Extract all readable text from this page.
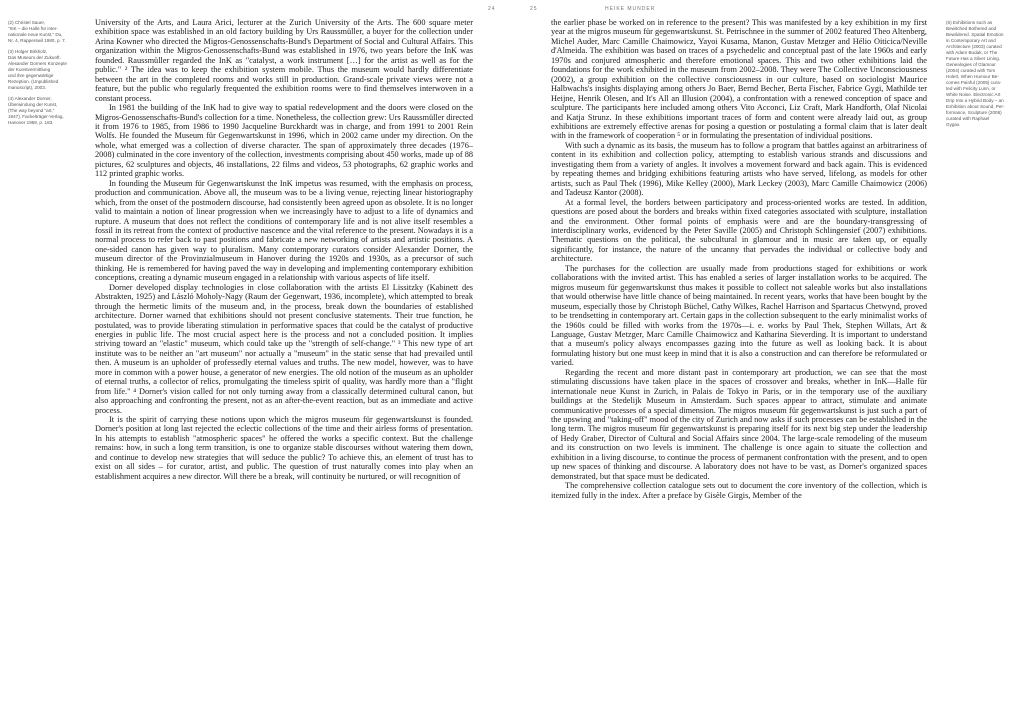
24
(2) Christel Sauer,
"InK – die Halle für inter-
nationale neue Kunst," Du,
Nr. 4, Rapperswil 1980, p. 7.
(3) Holger Birkholz,
Das Museum der Zukunft.
Alexander Dorners Konzepte
der Kunstvermittlung
und ihre gegenwärtige
Rezeption. (Unpublished
manuscript), 2003.
(4) Alexander Dorner,
Überwindung der Kunst,
(The way beyond "art,"
1947), Fackelträger-Verlag,
Hanover 1959, p. 183.

University of the Arts, and Laura Arici, lecturer at the Zurich University of the Arts. The 600 square meter exhibition space was established in an old factory building by Urs Raussmüller, a buyer for the collection under Arina Kowner who directed the Migros-Genossenschafts-Bund's Department of Social and Cultural Affairs. This organization within the Migros-Genossenschafts-Bund was established in 1976, two years before the InK was founded. Raussmüller regarded the InK as "catalyst, a work instrument […] for the artist as well as for the public." ² The idea was to keep the exhibition system mobile. Thus the museum would hardly differentiate between the art in the completed rooms and works still in production. Grand-scale private views were not a feature, but the public who regularly frequented the exhibition rooms were to find themselves interwoven in a constant process.

In 1981 the building of the InK had to give way to spatial redevelopment and the doors were closed on the Migros-Genossenschafts-Bund's collection for a time. Nonetheless, the collection grew: Urs Raussmüller directed it from 1976 to 1985, from 1986 to 1990 Jacqueline Burckhardt was in charge, and from 1991 to 2001 Rein Wolfs. He founded the Museum für Gegenwartskunst in 1996, which in 2002 came under my direction. On the whole, what emerged was a collection of diverse character. The span of approximately three decades (1976–2008) culminated in the core inventory of the collection, investments comprising about 450 works, made up of 88 pictures, 62 sculptures and objects, 46 installations, 22 films and videos, 53 photographs, 62 graphic works and 112 printed graphic works.

In founding the Museum für Gegenwartskunst the InK impetus was resumed, with the emphasis on process, production and communication. Above all, the museum was to be a living venue, rejecting linear historiography which, from the onset of the postmodern discourse, had consistently been agreed upon as obsolete. It is no longer valid to maintain a notion of linear progression when we increasingly have to adjust to a life of dynamics and rupture. A museum that does not reflect the conditions of contemporary life and is not alive itself resembles a fossil in its retreat from the context of productive nascence and the vital reference to the present. Nowadays it is a normal process to refer back to past positions and fabricate a new networking of artists and artistic positions. A one-sided canon has given way to pluralism. Many contemporary curators consider Alexander Dorner, the museum director of the Provinzialmuseum in Hanover during the 1920s and 1930s, as a precursor of such thinking. He is remembered for having paved the way in developing and implementing contemporary exhibition conceptions, creating a dynamic museum engaged in a relationship with various aspects of life itself.

Dorner developed display technologies in close collaboration with the artists El Lissitzky (Kabinett des Abstrakten, 1925) and László Moholy-Nagy (Raum der Gegenwart, 1936, incomplete), which attempted to break through the hermetic limits of the museum and, in the process, break down the boundaries of established architecture. Dorner warned that exhibitions should not present conclusive statements. Their true function, he postulated, was to provide liberating stimulation in performative spaces that could be the catalyst of productive energies in public life. The most crucial aspect here is the process and not a concluded position. It implies striving toward an "elastic" museum, which could take up the "strength of self-change." ³ This new type of art institute was to be neither an "art museum" nor actually a "museum" in the static sense that had prevailed until then. A museum is an upholder of professedly eternal values and truths. The new model, however, was to have more in common with a power house, a generator of new energies. The old notion of the museum as an upholder of eternal truths, a collector of relics, promulgating the timeless spirit of quality, was hardly more than a "flight from life." ⁴ Dorner's vision called for not only turning away from a classically determined cultural canon, but also approaching and confronting the present, not as an after-the-event reaction, but as an immediate and active process.

It is the spirit of carrying these notions upon which the migros museum für gegenwartskunst is founded. Dorner's position at long last rejected the eclectic collections of the time and their airless forms of presentation. In his attempts to establish "atmospheric spaces" he offered the works a specific context. But the challenge remains: how, in such a long term transition, is one to organize stable discourses without watering them down, and continue to develop new strategies that will seduce the public? To achieve this, an element of trust has to exist on all sides – for curator, artist, and public. The question of trust naturally comes into play when an establishment acquires a new director. Will there be a break, will continuity be nurtured, or will recognition of

25	HEIKE MUNDER

the earlier phase be worked on in reference to the present? This was manifested by a key exhibition in my first year at the migros museum für gegenwartskunst. St. Petrischnee in the summer of 2002 featured Theo Altenberg, Michel Auder, Marc Camille Chaimowicz, Yayoi Kusama, Manon, Gustav Metzger and Hélio Oiticica/Neville d'Almeida. The exhibition was based on traces of a psychedelic and conceptual past of the late 1960s and early 1970s and conjured atmospheric and therefore emotional spaces. This and two other exhibitions laid the foundations for the work exhibited in the museum from 2002–2008. They were The Collective Unconsciousness (2002), a group exhibition on the collective consciousness in our culture, based on sociologist Maurice Halbwachs's insights displaying among others Jo Baer, Bernd Becher, Berta Fischer, Fabrice Gygi, Mathilde ter Heijne, Henrik Olesen, and It's All an Illusion (2004), a confrontation with a renewed conception of space and sculpture. The participants here included among others Vito Acconci, Liz Craft, Mark Handforth, Olaf Nicolai and Katja Strunz. In these exhibitions important traces of form and content were already laid out, as group exhibitions are extremely effective arenas for posing a question or postulating a formal claim that is later dealt with in the framework of cooperation ⁵ or in formulating the presentation of individual positions.

With such a dynamic as its basis, the museum has to follow a program that battles against an arbitrariness of content in its exhibition and collection policy, attempting to establish various strands and discussions and investigating them from a variety of angles. It involves a movement forward and back again. This is evidenced by repeating themes and bridging exhibitions featuring artists who have served, lifelong, as models for other artists, such as Paul Thek (1996), Mike Kelley (2000), Mark Leckey (2003), Marc Camille Chaimowicz (2006) and Tadeusz Kantor (2008).

At a formal level, the borders between participatory and process-oriented works are tested. In addition, questions are posed about the borders and breaks within fixed categories associated with sculpture, installation and the environment. Other formal points of emphasis were and are the boundary-transgressing of interdisciplinary works, evidenced by the Peter Saville (2005) and Christoph Schlingensief (2007) exhibitions. Thematic questions on the political, the subcultural in glamour and in music are taken up, or equally significantly, for instance, the nature of the uncanny that pervades the individual or collective body and architecture.

The purchases for the collection are usually made from productions staged for exhibitions or work collaborations with the invited artist. This has enabled a series of larger installation works to be acquired. The migros museum für gegenwartskunst thus makes it possible to collect not saleable works but also installations that would otherwise have little chance of being maintained. In recent years, works that have been bought by the museum, especially those by Christoph Büchel, Cathy Wilkes, Rachel Harrison and Spartacus Chetwynd, proved to be trendsetting in contemporary art. Certain gaps in the collection subsequent to the early minimalist works of the 1960s could be filled with works from the 1970s—i. e. works by Paul Thek, Stephen Willats, Art & Language, Gustav Metzger, Marc Camille Chaimowicz and Katharina Sieverding. It is important to understand that a museum's policy always encompasses gazing into the future as well as looking back. It is about formulating history but one must keep in mind that it is also a construction and can therefore be reformulated or varied.

Regarding the recent and more distant past in contemporary art production, we can see that the most stimulating discussions have taken place in the spaces of crossover and breaks, whether in InK—Halle für internationale neue Kunst in Zurich, in Palais de Tokyo in Paris, or in the temporary use of the auxiliary buildings at the Stedelijk Museum in Amsterdam. Such spaces appear to attract, stimulate and animate communicative processes of a special dimension. The migros museum für gegenwartskunst is just such a part of the upswing and "taking-off" mood of the city of Zurich and now asks if such processes can be established in the long term. The migros museum für gegenwartskunst is preparing itself for its next big step under the leadership of Hedy Graber, Director of Cultural and Social Affairs since 2004. The large-scale remodeling of the museum and its construction on two levels is imminent. The challenge is once again to situate the collection and exhibition in a living discourse, to continue the process of permanent confrontation with the present, and to open up new spaces of thinking and discourse. A laboratory does not have to be vast, as Dorner's organized spaces demonstrated, but that space must be dedicated.

The comprehensive collection catalogue sets out to document the core inventory of the collection, which is itemized fully in the index. After a preface by Gisèle Girgis, Member of the

(5) Exhibitions such as
Bewitched Bothered and
Bewildered. Spatial Emotion
in Contemporary Art and
Architecture (2003) curated
with Adam Budak, or The
Future Has a Silver Lining.
Genealogies of Glamour
(2004) curated with Tom
Holert, When Humour Be-
comes Painful (2005) cura-
ted with Felicity Lunn, or
White Noise. Electronic Art
Drip Into a Hybrid Body – an
Exhibition about Sound, Per-
formance, Sculpture (2006)
curated with Raphael
Gygax.
